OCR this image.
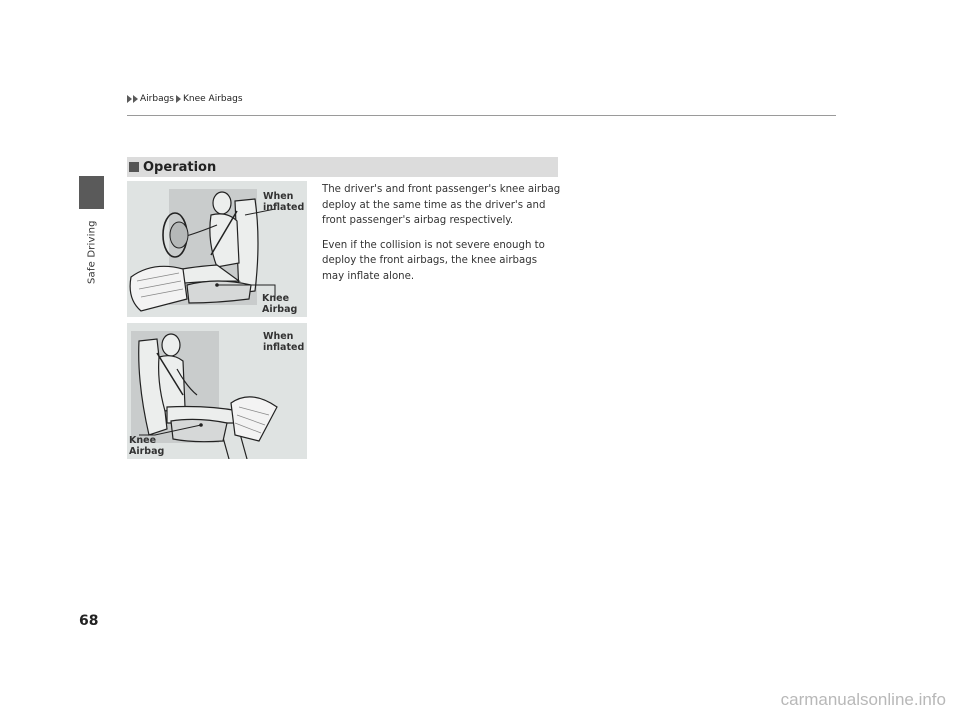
Safe Driving
Airbags Knee Airbags
Operation

The driver's and front passenger's knee airbag deploy at the same time as the driver's and front passenger's airbag respectively.

Even if the collision is not severe enough to deploy the front airbags, the knee airbags may inflate alone.

When
inflated
Knee
Airbag
When
inflated
Knee
Airbag
68
carmanualsonline.info
